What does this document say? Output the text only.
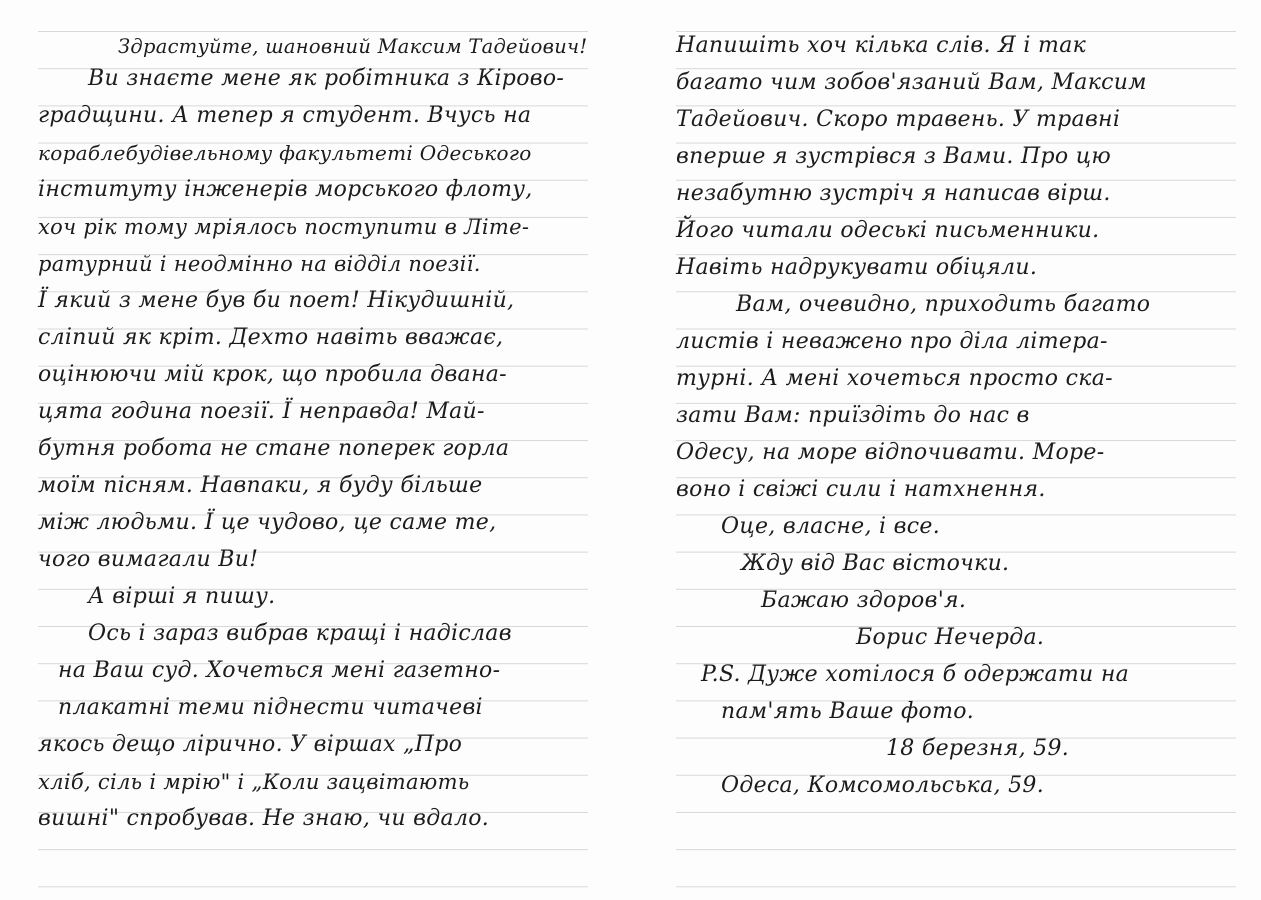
Здрастуйте, шановний Максим Тадейович!
Ви знаєте мене як робітника з Кірово-
градщини. А тепер я студент. Вчусь на
кораблебудівельному факультеті Одеського
інституту інженерів морського флоту,
хоч рік тому мріялось поступити в Літе-
ратурний і неодмінно на відділ поезії.
Ї який з мене був би поет! Нікудишній,
сліпий як кріт. Дехто навіть вважає,
оцінюючи мій крок, що пробила двана-
цята година поезії. Ї неправда! Май-
бутня робота не стане поперек горла
моїм пісням. Навпаки, я буду більше
між людьми. Ї це чудово, це саме те,
чого вимагали Ви!
А вірші я пишу.
Ось і зараз вибрав кращі і надіслав
на Ваш суд. Хочеться мені газетно-
плакатні теми піднести читачеві
якось дещо лірично. У віршах „Про
хліб, сіль і мрію" і „Коли зацвітають
вишні" спробував. Не знаю, чи вдало.
Напишіть хоч кілька слів. Я і так
багато чим зобов'язаний Вам, Максим
Тадейович. Скоро травень. У травні
вперше я зустрівся з Вами. Про цю
незабутню зустріч я написав вірш.
Його читали одеські письменники.
Навіть надрукувати обіцяли.
Вам, очевидно, приходить багато
листів і неважено про діла літера-
турні. А мені хочеться просто ска-
зати Вам: приїздіть до нас в
Одесу, на море відпочивати. Море-
воно і свіжі сили і натхнення.
Оце, власне, і все.
Жду від Вас вісточки.
Бажаю здоров'я.
Борис Нечерда.
P.S. Дуже хотілося б одержати на
пам'ять Ваше фото.
18 березня, 59.
Одеса, Комсомольська, 59.
